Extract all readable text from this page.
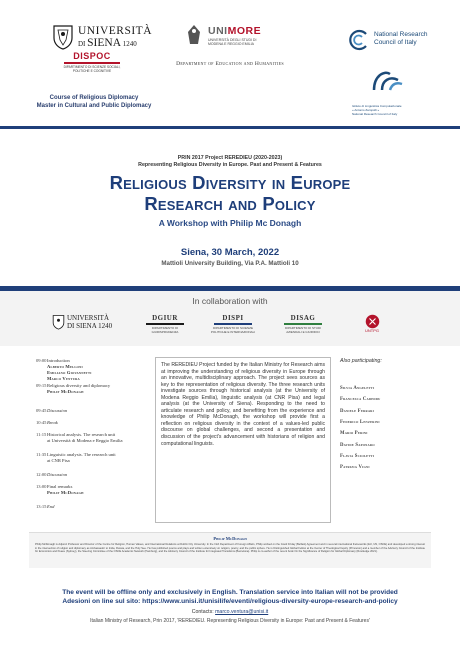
UNIVERSITÀ
DI SIENA 1240
DISPOC
DIPARTIMENTO DI SCIENZE SOCIALI,
POLITICHE E COGNITIVE
Course of Religious Diplomacy
Master in Cultural and Public Diplomacy
UNIMORE
UNIVERSITÀ DEGLI STUDI DI
MODENA E REGGIO EMILIA
Department of Education and Humanities
National Research
Council of Italy
Istituto di Linguistica Computazionale
« Antonio Zampolli »
National Research Council of Italy
PRIN 2017 Project REREDIEU (2020-2023)
Representing Religious Diversity in Europe. Past and Present & Features
Religious Diversity in Europe
Research and Policy
A Workshop with Philip Mc Donagh
Siena, 30 March, 2022
Mattioli University Building, Via P.A. Mattioli 10
In collaboration with
UNIVERSITÀ
DI SIENA 1240
DGIUR
DIPARTIMENTO DI GIURISPRUDENZA
DISPI
DIPARTIMENTO DI SCIENZE POLITICHE E INTERNAZIONALI
DISAG
DIPARTIMENTO DI STUDI AZIENDALI E GIURIDICI	UNTPG
09:00 Introduction
Alberto Melloni
Emiliano Giovannetti
Marco Ventura
09:15 Religious diversity and diplomacy
Philip McDonagh
09:45 Discussion
10:45 Break
11:15 Historical analysis. The research unit
at Università di Modena e Reggio Emilia
11:35 Linguistic analysis. The research unit
at CNR Pisa
12:00 Discussion
13:00 Final remarks
Philip McDonagh
13:15 End
The REREDIEU Project funded by the Italian Ministry for Research aims at improving the understanding of religious diversity in Europe through an innovative, multidisciplinary approach. The project sees sources as key to the representation of religious diversity. The three research units investigate sources through historical analysis (at the University of Modena Reggio Emilia), linguistic analysis (at CNR Pisa) and legal analysis (at the University of Siena). Responding to the need to articulate research and policy, and benefiting from the experience and knowledge of Philip McDonagh, the workshop will provide first a reflection on religious diversity in the context of a values-led public discourse on global challenges, and second a presentation and discussion of the project's advancement with historians of religion and computational linguists.
Also participating:
Silvia Angeletti
Francesca Cadeddu
Daniele Ferrari
Federico Lenzerini
Mario Perini
Davide Saponaro
Flavia Scioletti
Patrizia Vigni
Philip McDonagh
Philip McDonagh is Adjunct Professor and Director of the Centre for Religion, Human Values, and International Relations at Dublin City University. In the Irish Department of Foreign Affairs, Philip worked on the Good Friday (Belfast) Agreement and in several international frameworks (EU, UN, OSCE) and developed a strong interest in the intersection of religion and diplomacy as Ambassador to India, Russia, and the Holy See. He has published poems and plays and written extensively on religion, poetry, and the public sphere. He is Distinguished Global Fellow at the Center of Theological Inquiry (Princeton) and a member of the Advisory Council of the Institute for Economics and Peace (Sydney), the Steering Committee of the OSCE Academic Network (Hamburg), and the Advisory Council of the Institute for Integrated Transitions (Barcelona). Philip is co-author of the recent book On the Significance of Religion for Global Diplomacy (Routledge 2021).
The event will be offline only and exclusively in English. Translation service into Italian will not be provided
Adesioni on line sul sito: https://www.unisi.it/unisilife/eventi/religious-diversity-europe-research-and-policy
Contacts: marco.ventura@unisi.it
Italian Ministry of Research, Prin 2017, 'REREDIEU. Representing Religious Diversity in Europe: Past and Present & Features'
